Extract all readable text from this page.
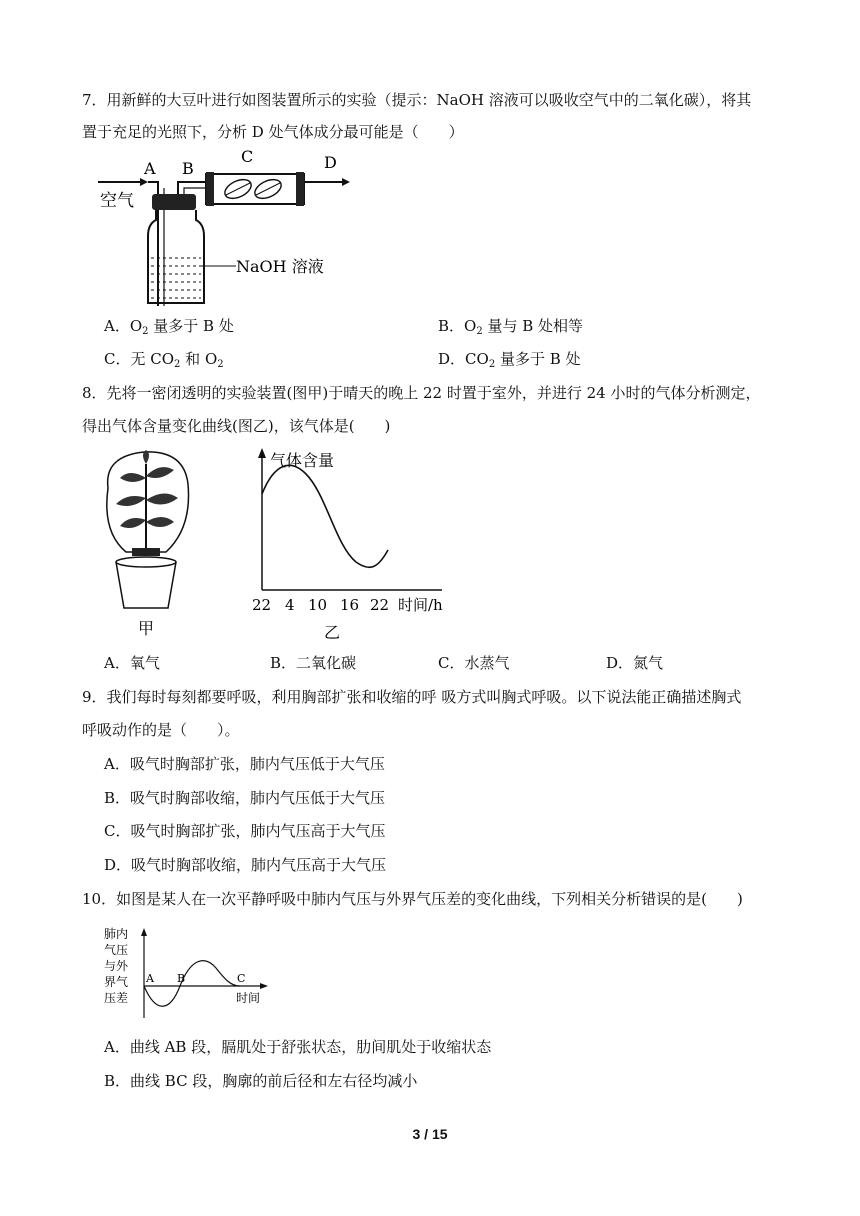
7．用新鲜的大豆叶进行如图装置所示的实验（提示：NaOH 溶液可以吸收空气中的二氧化碳），将其
置于充足的光照下，分析 D 处气体成分最可能是（　　）
A B
C	D
空气
NaOH 溶液
A．$O_2$ 量多于 B 处	B．$O_2$ 量与 B 处相等
C．无 $CO_2$ 和 $O_2$	D．$CO_2$ 量多于 B 处
8．先将一密闭透明的实验装置(图甲)于晴天的晚上 22 时置于室外，并进行 24 小时的气体分析测定，
得出气体含量变化曲线(图乙)，该气体是(　　)
甲
气体含量
22 4 10 16 22 时间/h
乙
A．氧气	B．二氧化碳	C．水蒸气	D．氮气
9．我们每时每刻都要呼吸，利用胸部扩张和收缩的呼 吸方式叫胸式呼吸。以下说法能正确描述胸式
呼吸动作的是（　　）。
A．吸气时胸部扩张，肺内气压低于大气压
B．吸气时胸部收缩，肺内气压低于大气压
C．吸气时胸部扩张，肺内气压高于大气压
D．吸气时胸部收缩，肺内气压高于大气压
10．如图是某人在一次平静呼吸中肺内气压与外界气压差的变化曲线，下列相关分析错误的是(　　)
肺内
气压
与外
界气
压差
A B	C
时间
A．曲线 AB 段，膈肌处于舒张状态，肋间肌处于收缩状态
B．曲线 BC 段，胸廓的前后径和左右径均减小
3 / 15
